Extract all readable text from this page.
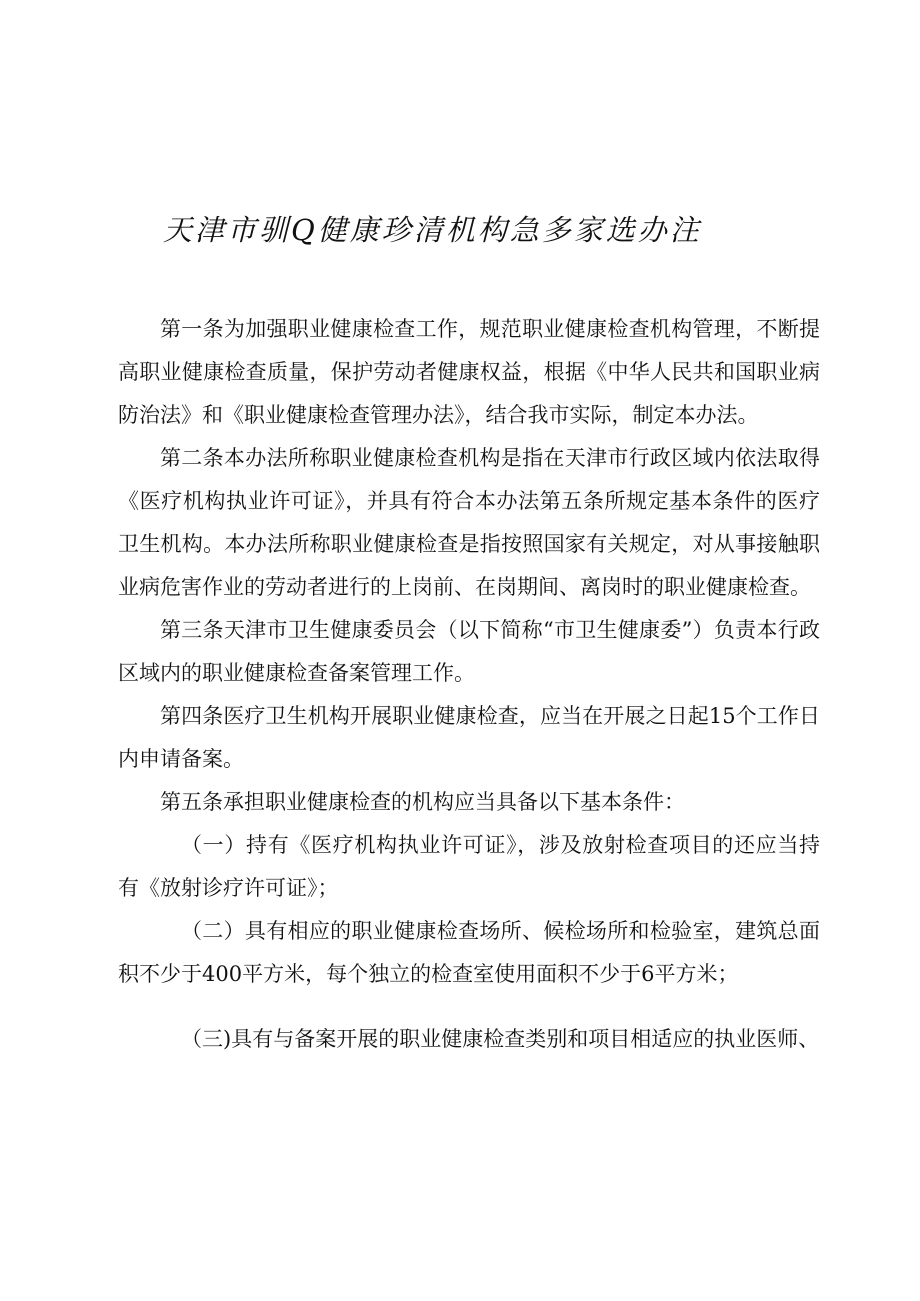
天津市驯Q健康珍清机构急多家选办注

第一条为加强职业健康检查工作，规范职业健康检查机构管理，不断提高职业健康检查质量，保护劳动者健康权益，根据《中华人民共和国职业病防治法》和《职业健康检查管理办法》，结合我市实际，制定本办法。

第二条本办法所称职业健康检查机构是指在天津市行政区域内依法取得《医疗机构执业许可证》，并具有符合本办法第五条所规定基本条件的医疗卫生机构。本办法所称职业健康检查是指按照国家有关规定，对从事接触职业病危害作业的劳动者进行的上岗前、在岗期间、离岗时的职业健康检查。

第三条天津市卫生健康委员会（以下简称“市卫生健康委”）负责本行政区域内的职业健康检查备案管理工作。

第四条医疗卫生机构开展职业健康检查，应当在开展之日起15个工作日内申请备案。

第五条承担职业健康检查的机构应当具备以下基本条件：

（一）持有《医疗机构执业许可证》，涉及放射检查项目的还应当持有《放射诊疗许可证》；

（二）具有相应的职业健康检查场所、候检场所和检验室，建筑总面积不少于400平方米，每个独立的检查室使用面积不少于6平方米；

（三)具有与备案开展的职业健康检查类别和项目相适应的执业医师、
